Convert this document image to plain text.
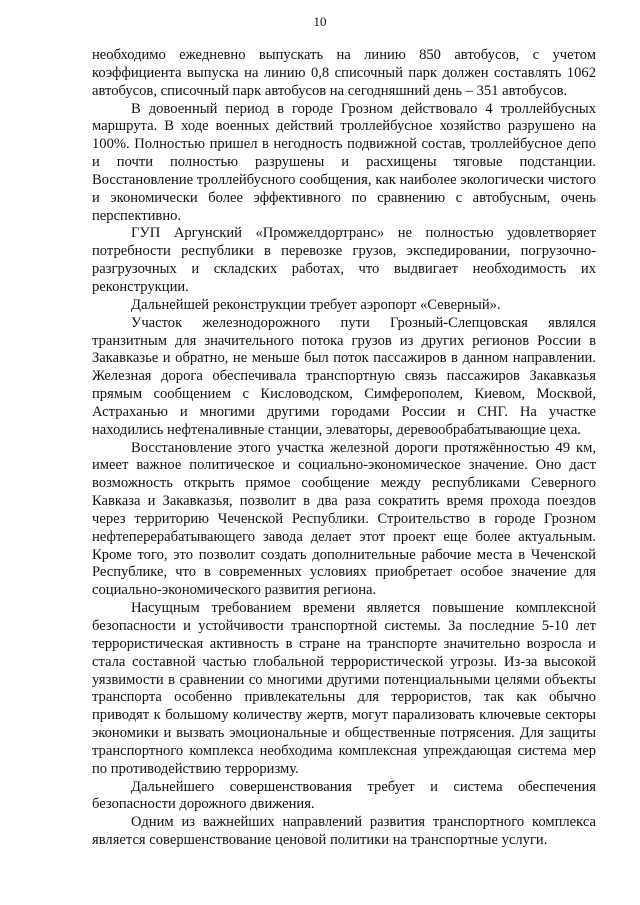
10

необходимо ежедневно выпускать на линию 850 автобусов, с учетом коэффициента выпуска на линию 0,8 списочный парк должен составлять 1062 автобусов, списочный парк автобусов на сегодняшний день – 351 автобусов.

В довоенный период в городе Грозном действовало 4 троллейбусных маршрута. В ходе военных действий троллейбусное хозяйство разрушено на 100%. Полностью пришел в негодность подвижной состав, троллейбусное депо и почти полностью разрушены и расхищены тяговые подстанции. Восстановление троллейбусного сообщения, как наиболее экологически чистого и экономически более эффективного по сравнению с автобусным, очень перспективно.

ГУП Аргунский «Промжелдортранс» не полностью удовлетворяет потребности республики в перевозке грузов, экспедировании, погрузочно-разгрузочных и складских работах, что выдвигает необходимость их реконструкции.

Дальнейшей реконструкции требует аэропорт «Северный».

Участок железнодорожного пути Грозный-Слепцовская являлся транзитным для значительного потока грузов из других регионов России в Закавказье и обратно, не меньше был поток пассажиров в данном направлении. Железная дорога обеспечивала транспортную связь пассажиров Закавказья прямым сообщением с Кисловодском, Симферополем, Киевом, Москвой, Астраханью и многими другими городами России и СНГ. На участке находились нефтеналивные станции, элеваторы, деревообрабатывающие цеха.

Восстановление этого участка железной дороги протяжённостью 49 км, имеет важное политическое и социально-экономическое значение. Оно даст возможность открыть прямое сообщение между республиками Северного Кавказа и Закавказья, позволит в два раза сократить время прохода поездов через территорию Чеченской Республики. Строительство в городе Грозном нефтеперерабатывающего завода делает этот проект еще более актуальным. Кроме того, это позволит создать дополнительные рабочие места в Чеченской Республике, что в современных условиях приобретает особое значение для социально-экономического развития региона.

Насущным требованием времени является повышение комплексной безопасности и устойчивости транспортной системы. За последние 5-10 лет террористическая активность в стране на транспорте значительно возросла и стала составной частью глобальной террористической угрозы. Из-за высокой уязвимости в сравнении со многими другими потенциальными целями объекты транспорта особенно привлекательны для террористов, так как обычно приводят к большому количеству жертв, могут парализовать ключевые секторы экономики и вызвать эмоциональные и общественные потрясения. Для защиты транспортного комплекса необходима комплексная упреждающая система мер по противодействию терроризму.

Дальнейшего совершенствования требует и система обеспечения безопасности дорожного движения.

Одним из важнейших направлений развития транспортного комплекса является совершенствование ценовой политики на транспортные услуги.
